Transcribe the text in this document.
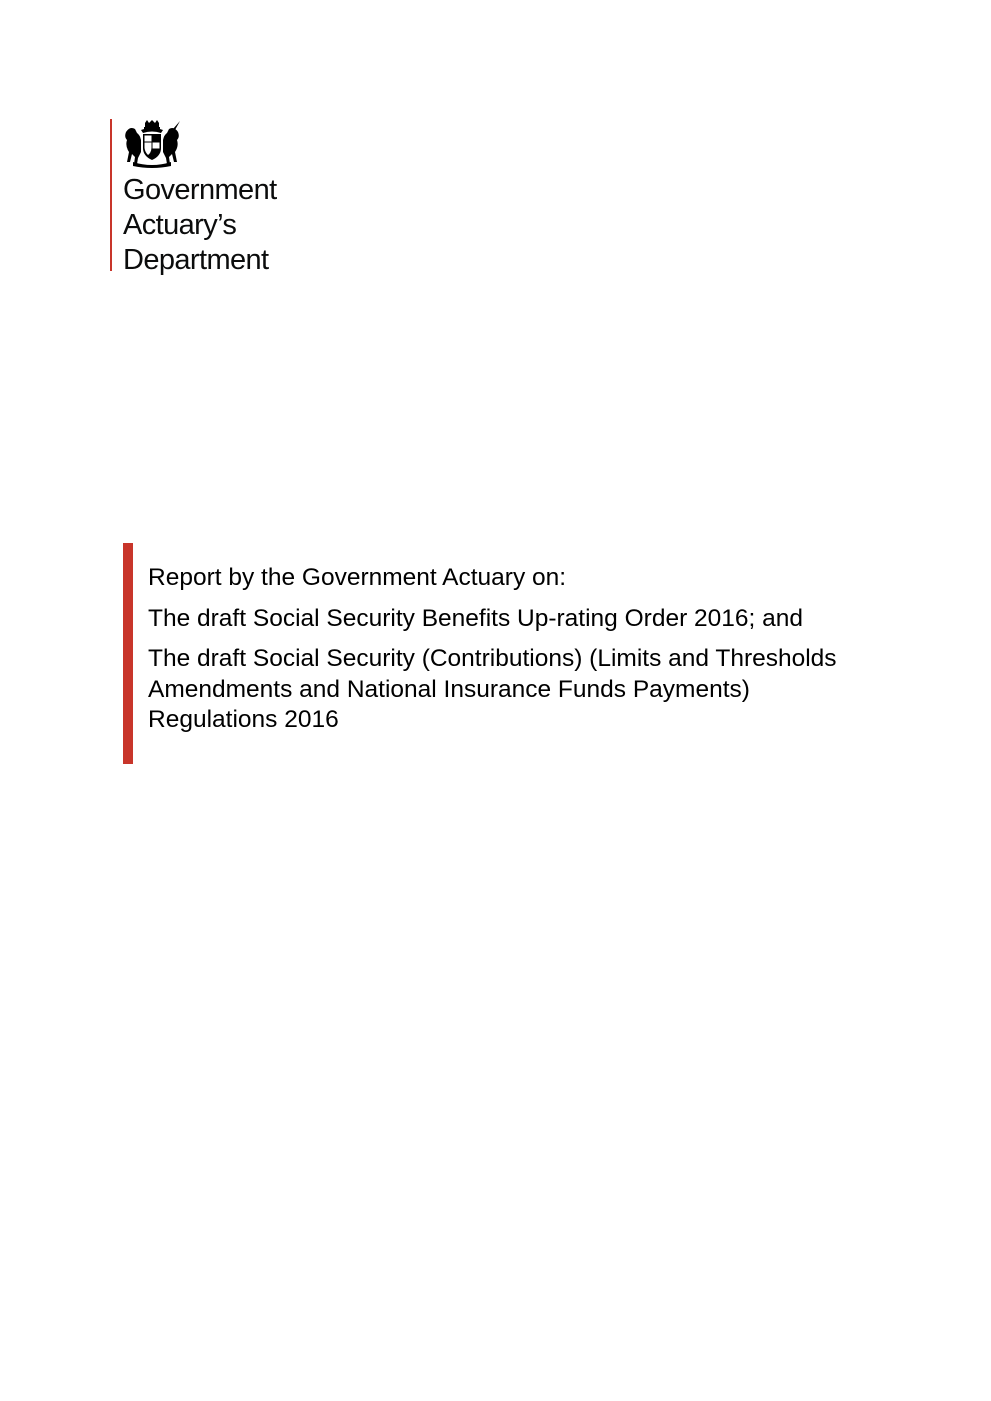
Government
Actuary’s
Department

Report by the Government Actuary on:

The draft Social Security Benefits Up-rating Order 2016; and

The draft Social Security (Contributions) (Limits and Thresholds Amendments and National Insurance Funds Payments) Regulations 2016
